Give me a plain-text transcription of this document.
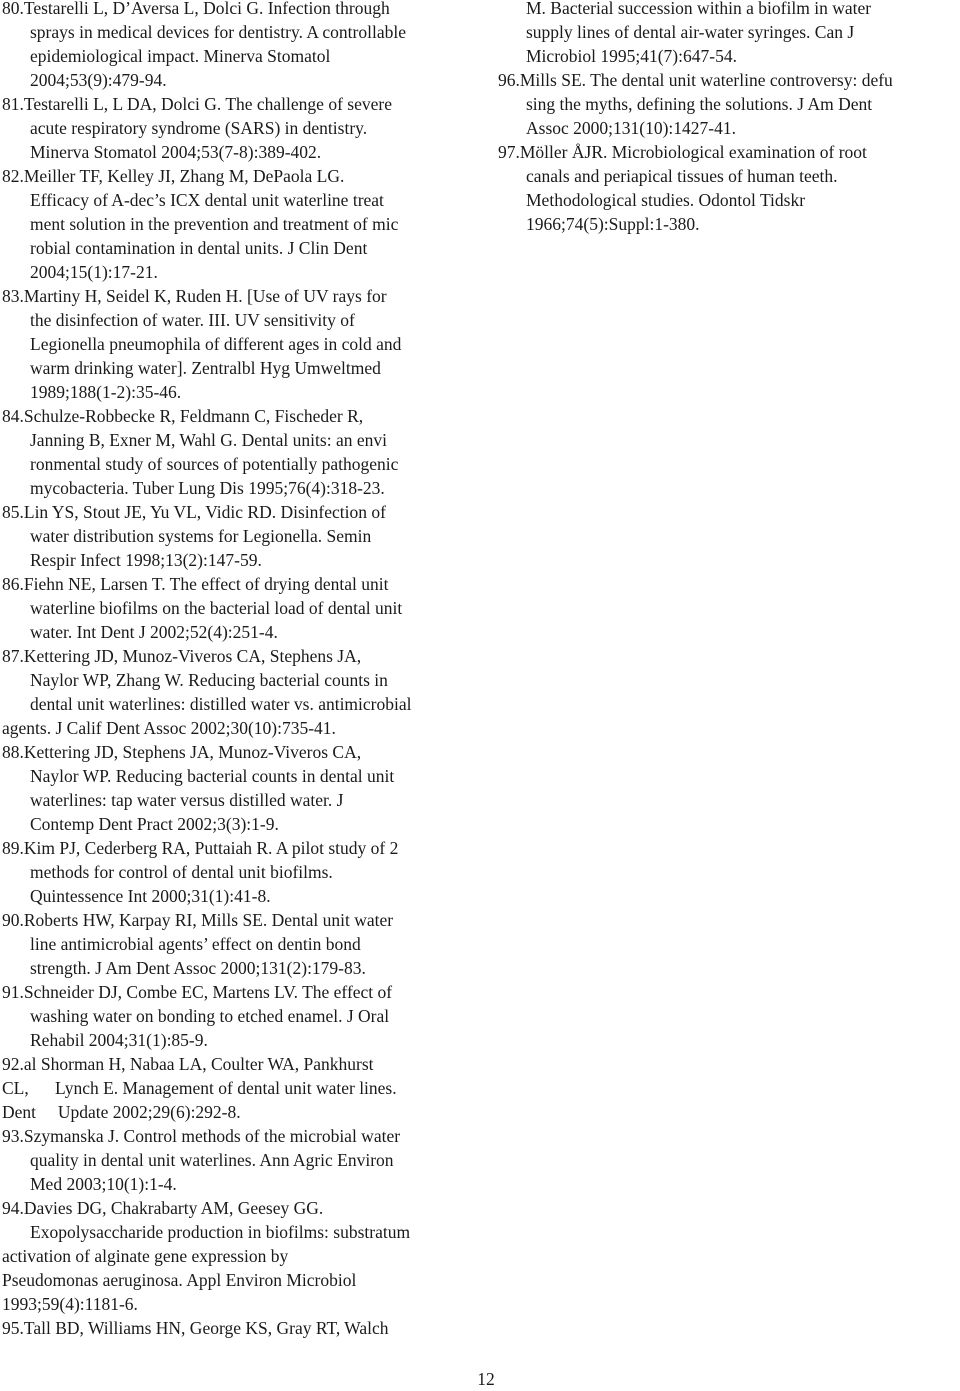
80.Testarelli L, D’Aversa L, Dolci G. Infection through
sprays in medical devices for dentistry. A controllable
epidemiological impact. Minerva Stomatol
2004;53(9):479-94.
81.Testarelli L, L DA, Dolci G. The challenge of severe
acute respiratory syndrome (SARS) in dentistry.
Minerva Stomatol 2004;53(7-8):389-402.
82.Meiller TF, Kelley JI, Zhang M, DePaola LG.
Efficacy of A-dec’s ICX dental unit waterline treat
ment solution in the prevention and treatment of mic
robial contamination in dental units. J Clin Dent
2004;15(1):17-21.
83.Martiny H, Seidel K, Ruden H. [Use of UV rays for
the disinfection of water. III. UV sensitivity of
Legionella pneumophila of different ages in cold and
warm drinking water]. Zentralbl Hyg Umweltmed
1989;188(1-2):35-46.
84.Schulze-Robbecke R, Feldmann C, Fischeder R,
Janning B, Exner M, Wahl G. Dental units: an envi
ronmental study of sources of potentially pathogenic
mycobacteria. Tuber Lung Dis 1995;76(4):318-23.
85.Lin YS, Stout JE, Yu VL, Vidic RD. Disinfection of
water distribution systems for Legionella. Semin
Respir Infect 1998;13(2):147-59.
86.Fiehn NE, Larsen T. The effect of drying dental unit
waterline biofilms on the bacterial load of dental unit
water. Int Dent J 2002;52(4):251-4.
87.Kettering JD, Munoz-Viveros CA, Stephens JA,
Naylor WP, Zhang W. Reducing bacterial counts in
dental unit waterlines: distilled water vs. antimicrobial
agents. J Calif Dent Assoc 2002;30(10):735-41.
88.Kettering JD, Stephens JA, Munoz-Viveros CA,
Naylor WP. Reducing bacterial counts in dental unit
waterlines: tap water versus distilled water. J
Contemp Dent Pract 2002;3(3):1-9.
89.Kim PJ, Cederberg RA, Puttaiah R. A pilot study of 2
methods for control of dental unit biofilms.
Quintessence Int 2000;31(1):41-8.
90.Roberts HW, Karpay RI, Mills SE. Dental unit water
line antimicrobial agents’ effect on dentin bond
strength. J Am Dent Assoc 2000;131(2):179-83.
91.Schneider DJ, Combe EC, Martens LV. The effect of
washing water on bonding to etched enamel. J Oral
Rehabil 2004;31(1):85-9.
92.al Shorman H, Nabaa LA, Coulter WA, Pankhurst
CL,      Lynch E. Management of dental unit water lines.
Dent     Update 2002;29(6):292-8.
93.Szymanska J. Control methods of the microbial water
quality in dental unit waterlines. Ann Agric Environ
Med 2003;10(1):1-4.
94.Davies DG, Chakrabarty AM, Geesey GG.
Exopolysaccharide production in biofilms: substratum
activation of alginate gene expression by
Pseudomonas aeruginosa. Appl Environ Microbiol
1993;59(4):1181-6.
95.Tall BD, Williams HN, George KS, Gray RT, Walch
M. Bacterial succession within a biofilm in water
supply lines of dental air-water syringes. Can J
Microbiol 1995;41(7):647-54.
96.Mills SE. The dental unit waterline controversy: defu
sing the myths, defining the solutions. J Am Dent
Assoc 2000;131(10):1427-41.
97.Möller ÅJR. Microbiological examination of root
canals and periapical tissues of human teeth.
Methodological studies. Odontol Tidskr
1966;74(5):Suppl:1-380.
12
